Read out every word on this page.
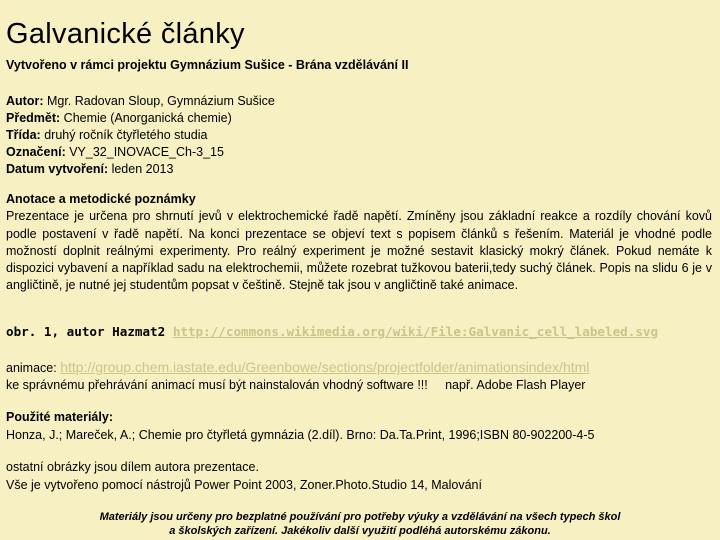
Galvanické články
Vytvořeno v rámci projektu Gymnázium Sušice - Brána vzdělávání II
Autor: Mgr. Radovan Sloup, Gymnázium Sušice
Předmět: Chemie (Anorganická chemie)
Třída: druhý ročník čtyřletého studia
Označení: VY_32_INOVACE_Ch-3_15
Datum vytvoření: leden 2013
Anotace a metodické poznámky

Prezentace je určena pro shrnutí jevů v elektrochemické řadě napětí. Zmíněny jsou základní reakce a rozdíly chování kovů podle postavení v řadě napětí. Na konci prezentace se objeví text s popisem článků s řešením. Materiál je vhodné podle možností doplnit reálnými experimenty. Pro reálný experiment je možné sestavit klasický mokrý článek. Pokud nemáte k dispozici vybavení a například sadu na elektrochemii, můžete rozebrat tužkovou baterii,tedy suchý článek. Popis na slidu 6 je v angličtině, je nutné jej studentům popsat v češtině. Stejně tak jsou v angličtině také animace.

obr. 1, autor Hazmat2 http://commons.wikimedia.org/wiki/File:Galvanic_cell_labeled.svg
animace: http://group.chem.iastate.edu/Greenbowe/sections/projectfolder/animationsindex/html
ke správnému přehrávání animací musí být nainstalován vhodný software !!!     např. Adobe Flash Player
Použité materiály:
Honza, J.; Mareček, A.; Chemie pro čtyřletá gymnázia (2.díl). Brno: Da.Ta.Print, 1996;ISBN 80-902200-4-5
ostatní obrázky jsou dílem autora prezentace.
Vše je vytvořeno pomocí nástrojů Power Point 2003, Zoner.Photo.Studio 14, Malování
Materiály jsou určeny pro bezplatné používání pro potřeby výuky a vzdělávání na všech typech škol
a školských zařízení. Jakékoliv další využití podléhá autorskému zákonu.
